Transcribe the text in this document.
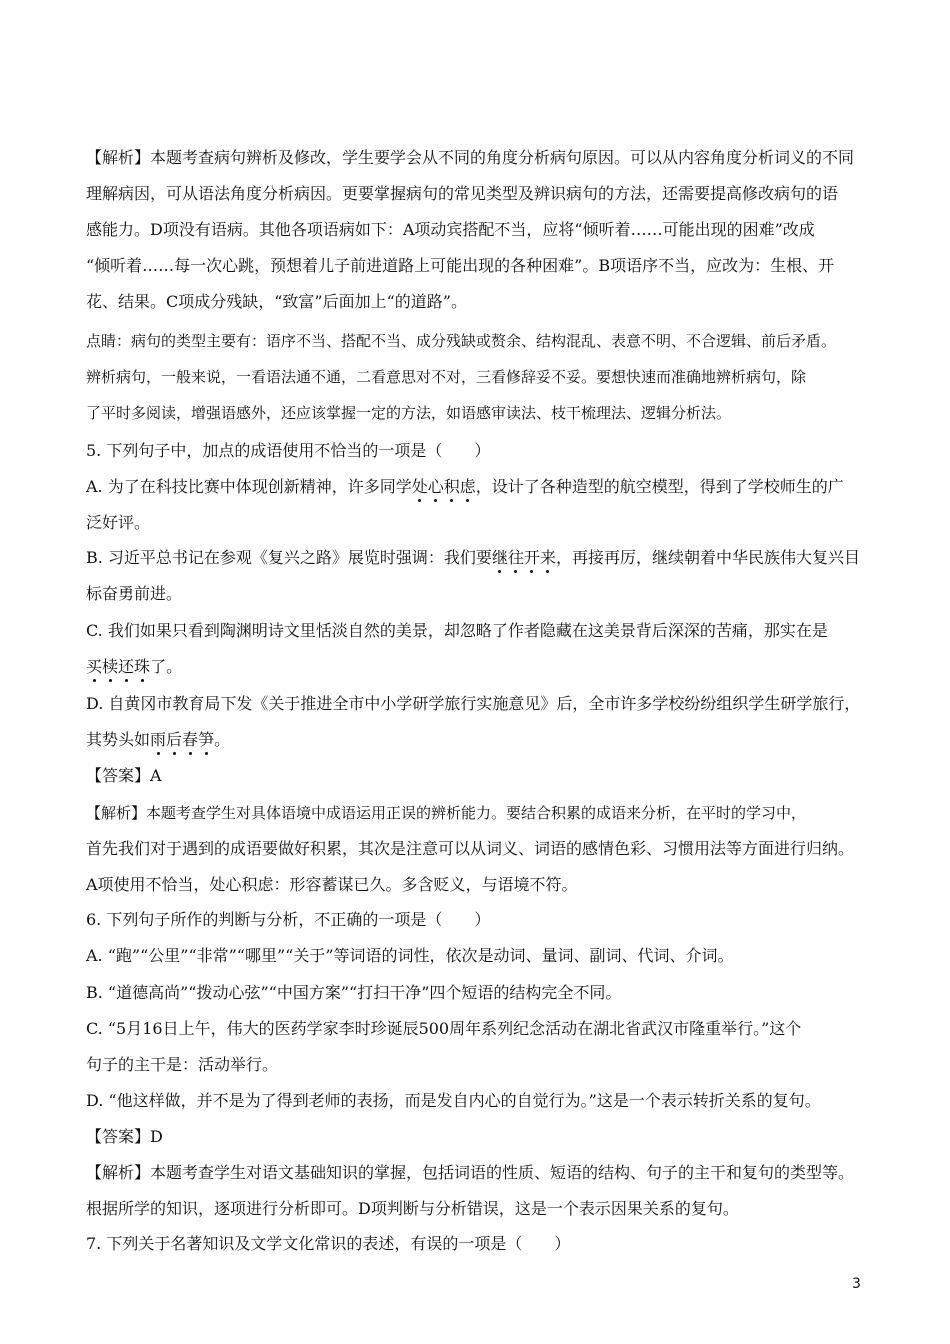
【解析】本题考查病句辨析及修改，学生要学会从不同的角度分析病句原因。可以从内容角度分析词义的不同
理解病因，可从语法角度分析病因。更要掌握病句的常见类型及辨识病句的方法，还需要提高修改病句的语
感能力。D项没有语病。其他各项语病如下：A项动宾搭配不当，应将“倾听着……可能出现的困难”改成
“倾听着……每一次心跳，预想着儿子前进道路上可能出现的各种困难”。B项语序不当，应改为：生根、开
花、结果。C项成分残缺，“致富”后面加上“的道路”。
点睛：病句的类型主要有：语序不当、搭配不当、成分残缺或赘余、结构混乱、表意不明、不合逻辑、前后矛盾。
辨析病句，一般来说，一看语法通不通，二看意思对不对，三看修辞妥不妥。要想快速而准确地辨析病句，除
了平时多阅读，增强语感外，还应该掌握一定的方法，如语感审读法、枝干梳理法、逻辑分析法。
5. 下列句子中，加点的成语使用不恰当的一项是（　　）
A. 为了在科技比赛中体现创新精神，许多同学处心积虑，设计了各种造型的航空模型，得到了学校师生的广
泛好评。
B. 习近平总书记在参观《复兴之路》展览时强调：我们要继往开来，再接再厉，继续朝着中华民族伟大复兴目
标奋勇前进。
C. 我们如果只看到陶渊明诗文里恬淡自然的美景，却忽略了作者隐藏在这美景背后深深的苦痛，那实在是
买椟还珠了。
D. 自黄冈市教育局下发《关于推进全市中小学研学旅行实施意见》后，全市许多学校纷纷组织学生研学旅行，
其势头如雨后春笋。
【答案】A
【解析】本题考查学生对具体语境中成语运用正误的辨析能力。要结合积累的成语来分析，在平时的学习中，
首先我们对于遇到的成语要做好积累，其次是注意可以从词义、词语的感情色彩、习惯用法等方面进行归纳。
A项使用不恰当，处心积虑：形容蓄谋已久。多含贬义，与语境不符。
6. 下列句子所作的判断与分析，不正确的一项是（　　）
A. “跑”“公里”“非常”“哪里”“关于”等词语的词性，依次是动词、量词、副词、代词、介词。
B. “道德高尚”“拨动心弦”“中国方案”“打扫干净”四个短语的结构完全不同。
C. “5月16日上午，伟大的医药学家李时珍诞辰500周年系列纪念活动在湖北省武汉市隆重举行。”这个
句子的主干是：活动举行。
D. “他这样做，并不是为了得到老师的表扬，而是发自内心的自觉行为。”这是一个表示转折关系的复句。
【答案】D
【解析】本题考查学生对语文基础知识的掌握，包括词语的性质、短语的结构、句子的主干和复句的类型等。
根据所学的知识，逐项进行分析即可。D项判断与分析错误，这是一个表示因果关系的复句。
7. 下列关于名著知识及文学文化常识的表述，有误的一项是（　　）
3
